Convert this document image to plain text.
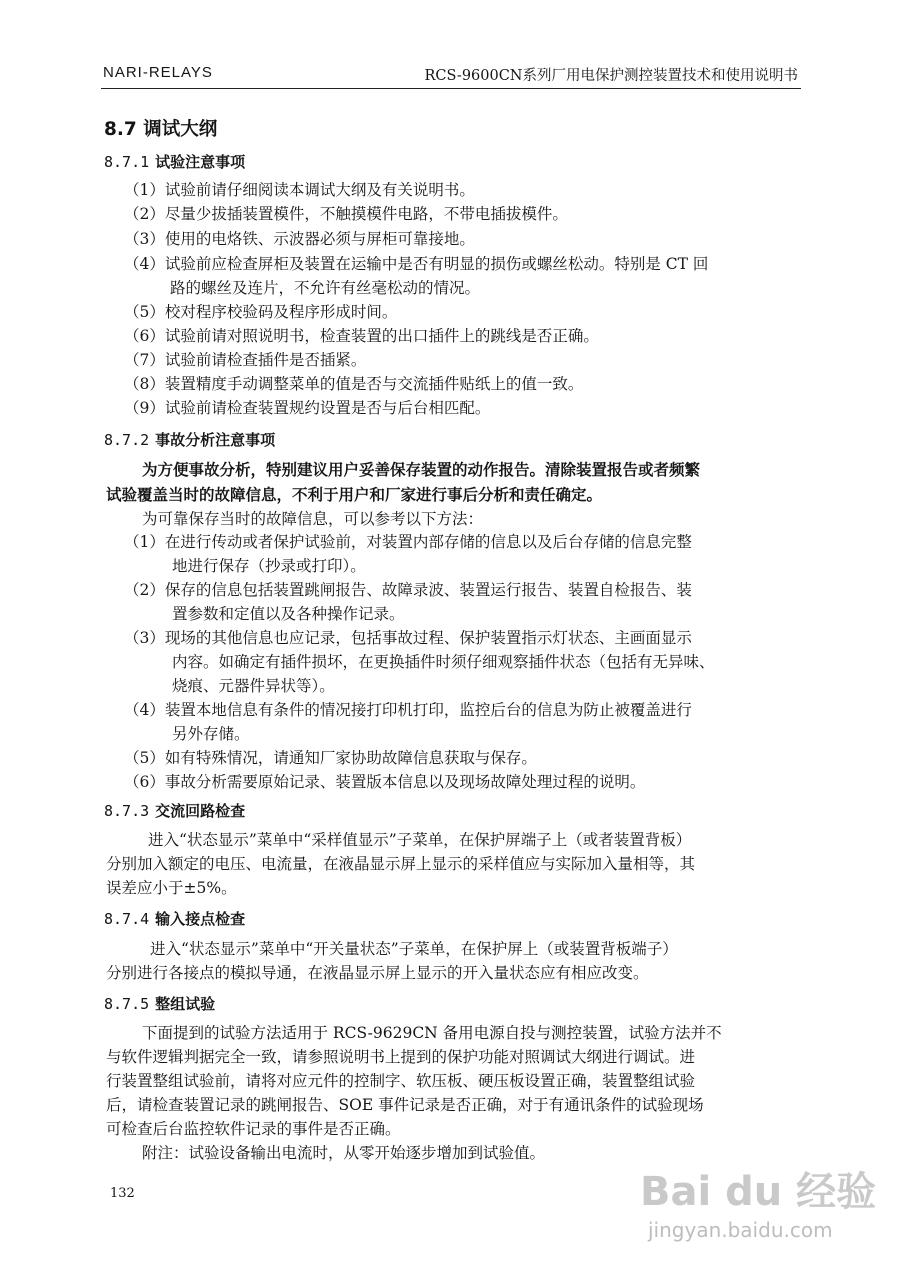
NARI-RELAYS	RCS-9600CN系列厂用电保护测控装置技术和使用说明书
8.7 调试大纲
8.7.1 试验注意事项
（1）试验前请仔细阅读本调试大纲及有关说明书。
（2）尽量少拔插装置模件，不触摸模件电路，不带电插拔模件。
（3）使用的电烙铁、示波器必须与屏柜可靠接地。
（4）试验前应检查屏柜及装置在运输中是否有明显的损伤或螺丝松动。特别是 CT 回
路的螺丝及连片，不允许有丝毫松动的情况。
（5）校对程序校验码及程序形成时间。
（6）试验前请对照说明书，检查装置的出口插件上的跳线是否正确。
（7）试验前请检查插件是否插紧。
（8）装置精度手动调整菜单的值是否与交流插件贴纸上的值一致。
（9）试验前请检查装置规约设置是否与后台相匹配。
8.7.2 事故分析注意事项
为方便事故分析，特别建议用户妥善保存装置的动作报告。清除装置报告或者频繁
试验覆盖当时的故障信息，不利于用户和厂家进行事后分析和责任确定。
为可靠保存当时的故障信息，可以参考以下方法：
（1）在进行传动或者保护试验前，对装置内部存储的信息以及后台存储的信息完整
地进行保存（抄录或打印）。
（2）保存的信息包括装置跳闸报告、故障录波、装置运行报告、装置自检报告、装
置参数和定值以及各种操作记录。
（3）现场的其他信息也应记录，包括事故过程、保护装置指示灯状态、主画面显示
内容。如确定有插件损坏，在更换插件时须仔细观察插件状态（包括有无异味、
烧痕、元器件异状等）。
（4）装置本地信息有条件的情况接打印机打印，监控后台的信息为防止被覆盖进行
另外存储。
（5）如有特殊情况，请通知厂家协助故障信息获取与保存。
（6）事故分析需要原始记录、装置版本信息以及现场故障处理过程的说明。
8.7.3 交流回路检查
进入“状态显示”菜单中“采样值显示”子菜单，在保护屏端子上（或者装置背板）
分别加入额定的电压、电流量，在液晶显示屏上显示的采样值应与实际加入量相等，其
误差应小于±5%。
8.7.4 输入接点检查
进入“状态显示”菜单中“开关量状态”子菜单，在保护屏上（或装置背板端子）
分别进行各接点的模拟导通，在液晶显示屏上显示的开入量状态应有相应改变。
8.7.5 整组试验
下面提到的试验方法适用于 RCS-9629CN 备用电源自投与测控装置，试验方法并不
与软件逻辑判据完全一致，请参照说明书上提到的保护功能对照调试大纲进行调试。进
行装置整组试验前，请将对应元件的控制字、软压板、硬压板设置正确，装置整组试验
后，请检查装置记录的跳闸报告、SOE 事件记录是否正确，对于有通讯条件的试验现场
可检查后台监控软件记录的事件是否正确。
附注：试验设备输出电流时，从零开始逐步增加到试验值。
132	Bai du 经验
jingyan.baidu.com
